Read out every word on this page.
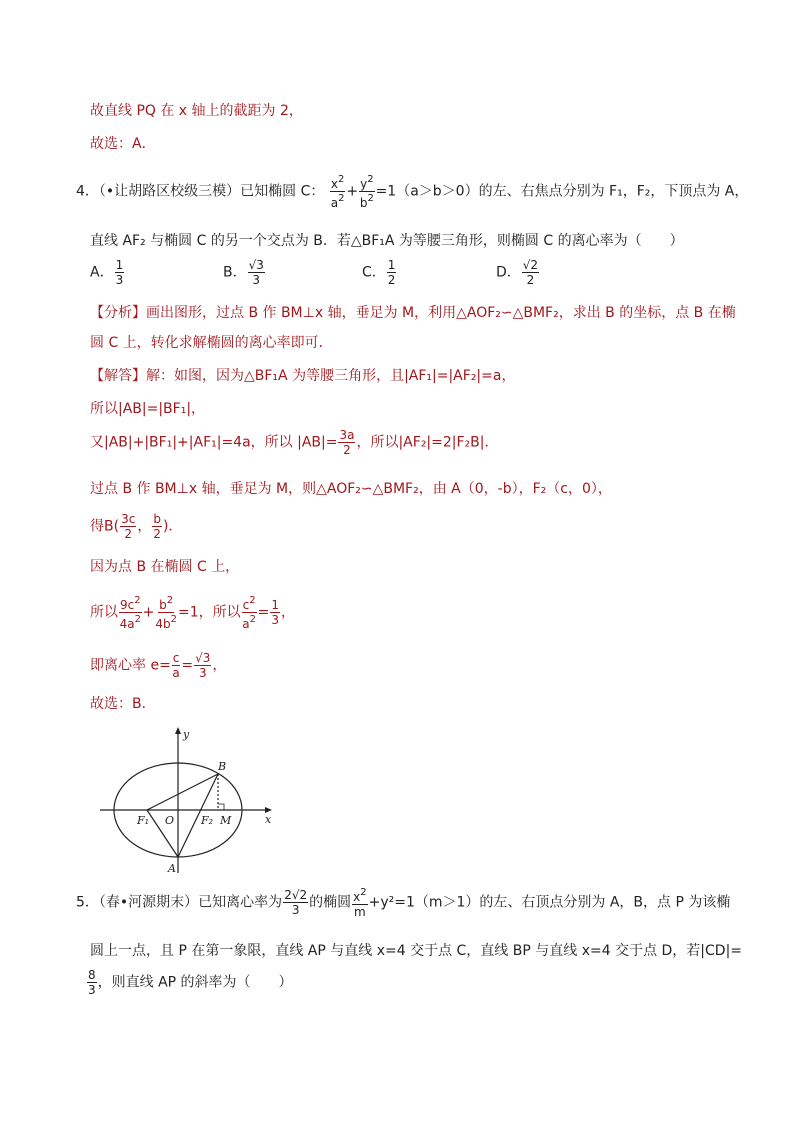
故直线 PQ 在 x 轴上的截距为 2，
故选：A．
4．（•让胡路区校级三模）已知椭圆 C： $\frac{x^2}{a^2} + \frac{y^2}{b^2} =1(a>b>0)$的左、右焦点分别为 F₁，F₂，下顶点为 A，
直线 AF₂ 与椭圆 C 的另一个交点为 B．若△BF₁A 为等腰三角形，则椭圆 C 的离心率为（　　）
A． $\frac{1}{3}$	B． $\frac{√3}{3}$	C． $\frac{1}{2}$	D． $\frac{√2}{2}$
【分析】画出图形，过点 B 作 BM⊥x 轴，垂足为 M，利用△AOF₂∽△BMF₂，求出 B 的坐标，点 B 在椭
圆 C 上，转化求解椭圆的离心率即可．
【解答】解：如图，因为△BF₁A 为等腰三角形，且|AF₁|=|AF₂|=a，
所以|AB|=|BF₁|，
又|AB|+|BF₁|+|AF₁|=4a，所以 $|AB|= \frac{3a}{2}$ ，所以|AF₂|=2|F₂B|．
过点 B 作 BM⊥x 轴，垂足为 M，则△AOF₂∽△BMF₂，由 A（0，-b），F₂（c，0），
得$B( \frac{3c}{2}$ ， $\frac{b}{2}$ )．
因为点 B 在椭圆 C 上，
所以 $\frac{9c^2}{4a^2} + \frac{b^2}{4b^2} =1$，所以 $\frac{c^2}{a^2} = \frac{1}{3}$ ，
即离心率 $e= \frac{c}{a} = \frac{√3}{3}$ ，
故选：B．
y
B
F₁ O F₂ M	x
A
5．（春•河源期末）已知离心率为 $\frac{2√2}{3}$ 的椭圆 $\frac{x^2}{m} +y^2=1(m>1)$的左、右顶点分别为 A，B，点 P 为该椭
圆上一点，且 P 在第一象限，直线 AP 与直线 x=4 交于点 C，直线 BP 与直线 x=4 交于点 D，若|CD|=
$\frac{8}{3}$ ，则直线 AP 的斜率为（　　）
